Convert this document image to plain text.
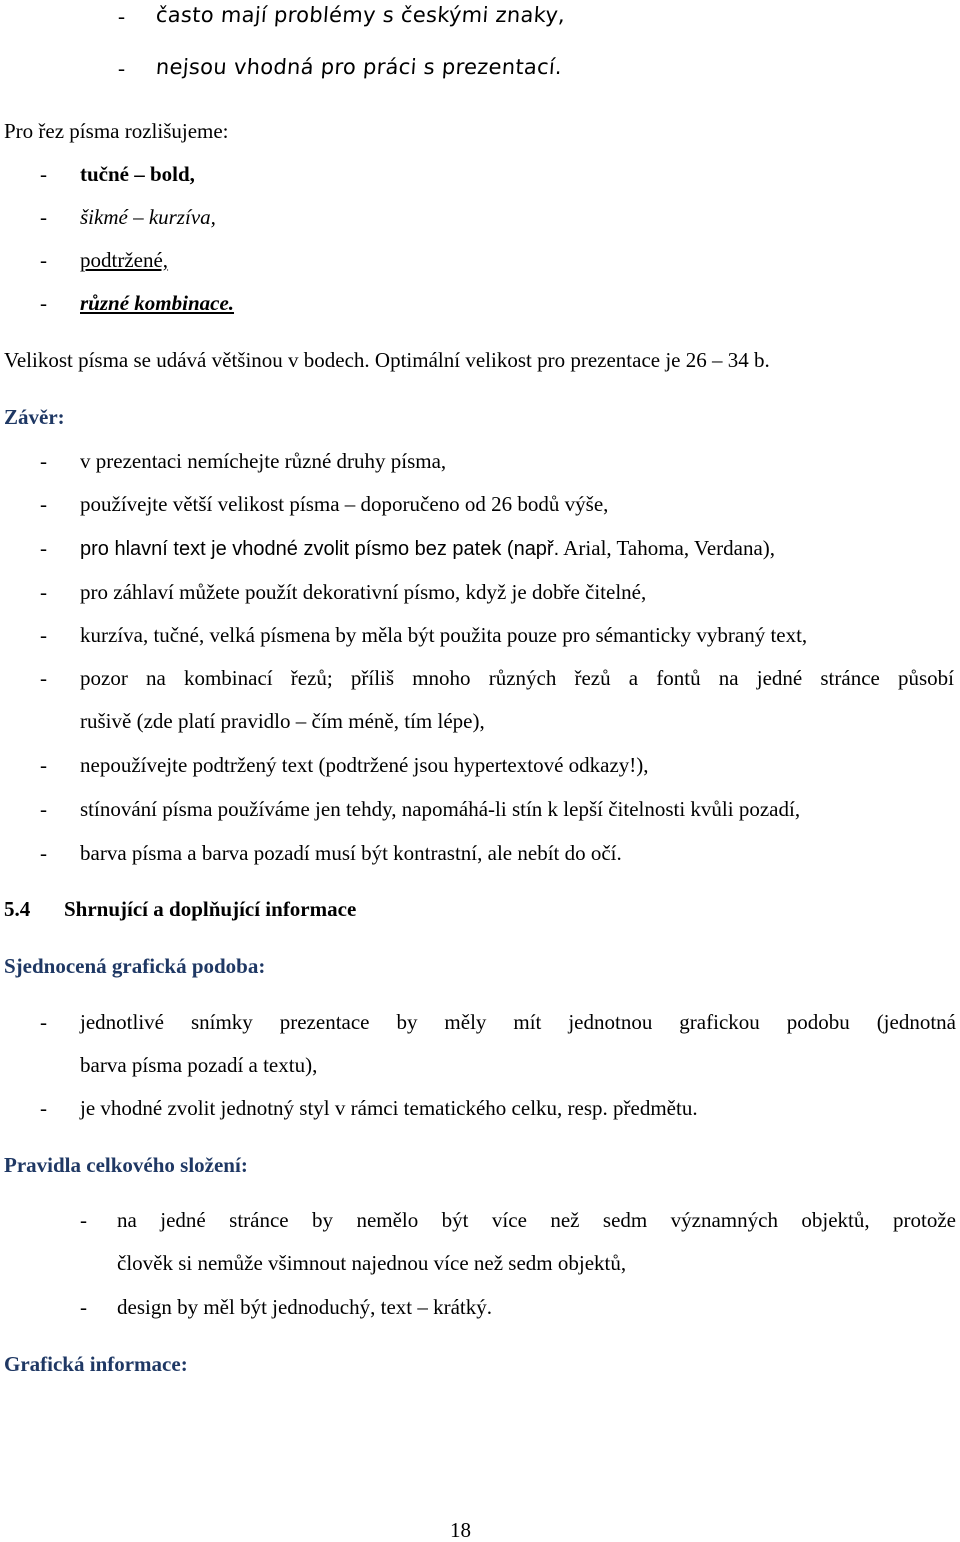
- často mají problémy s českými znaky,
- nejsou vhodná pro práci s prezentací.
Pro řez písma rozlišujeme:
- tučné – bold,
- šikmé – kurzíva,
- podtržené,
- různé kombinace.
Velikost písma se udává většinou v bodech. Optimální velikost pro prezentace je 26 – 34 b.
Závěr:
- v prezentaci nemíchejte různé druhy písma,
- používejte větší velikost písma – doporučeno od 26 bodů výše,
- pro hlavní text je vhodné zvolit písmo bez patek (např. Arial, Tahoma, Verdana),
- pro záhlaví můžete použít dekorativní písmo, když je dobře čitelné,
- kurzíva, tučné, velká písmena by měla být použita pouze pro sémanticky vybraný text,
- pozor na kombinací řezů; příliš mnoho různých řezů a fontů na jedné stránce působí
rušivě (zde platí pravidlo – čím méně, tím lépe),
- nepoužívejte podtržený text (podtržené jsou hypertextové odkazy!),
- stínování písma používáme jen tehdy, napomáhá-li stín k lepší čitelnosti kvůli pozadí,
- barva písma a barva pozadí musí být kontrastní, ale nebít do očí.
5.4 Shrnující a doplňující informace
Sjednocená grafická podoba:
- jednotlivé snímky prezentace by měly mít jednotnou grafickou podobu (jednotná
barva písma pozadí a textu),
- je vhodné zvolit jednotný styl v rámci tematického celku, resp. předmětu.
Pravidla celkového složení:
- na jedné stránce by nemělo být více než sedm významných objektů, protože
člověk si nemůže všimnout najednou více než sedm objektů,
- design by měl být jednoduchý, text – krátký.
Grafická informace:
18
